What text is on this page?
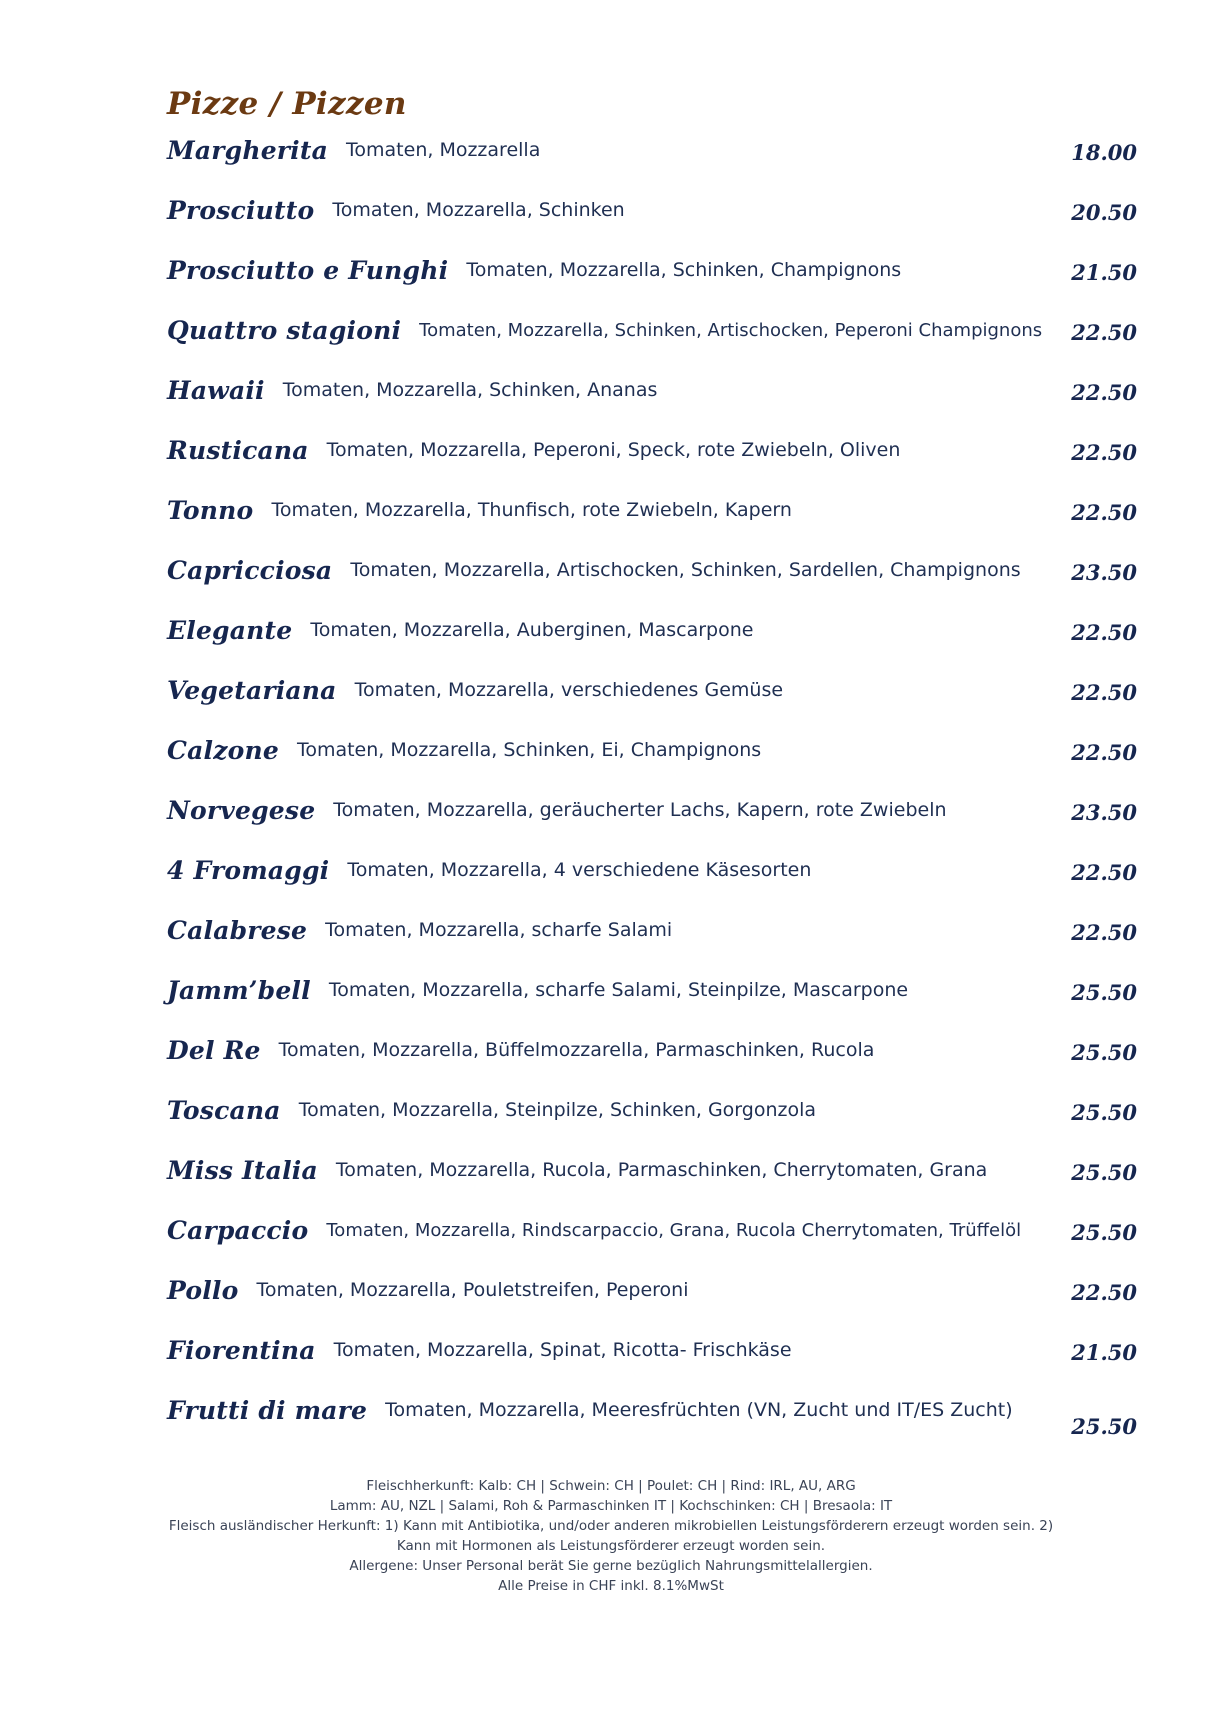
Pizze / Pizzen
Margherita Tomaten, Mozzarella	18.00
Prosciutto Tomaten, Mozzarella, Schinken	20.50
Prosciutto e Funghi Tomaten, Mozzarella, Schinken, Champignons	21.50
Quattro stagioni Tomaten, Mozzarella, Schinken, Artischocken, Peperoni Champignons 22.50
Hawaii Tomaten, Mozzarella, Schinken, Ananas	22.50
Rusticana Tomaten, Mozzarella, Peperoni, Speck, rote Zwiebeln, Oliven	22.50
Tonno Tomaten, Mozzarella, Thunfisch, rote Zwiebeln, Kapern	22.50
Capricciosa Tomaten, Mozzarella, Artischocken, Schinken, Sardellen, Champignons 23.50
Elegante Tomaten, Mozzarella, Auberginen, Mascarpone	22.50
Vegetariana Tomaten, Mozzarella, verschiedenes Gemüse	22.50
Calzone Tomaten, Mozzarella, Schinken, Ei, Champignons	22.50
Norvegese Tomaten, Mozzarella, geräucherter Lachs, Kapern, rote Zwiebeln	23.50
4 Fromaggi Tomaten, Mozzarella, 4 verschiedene Käsesorten	22.50
Calabrese Tomaten, Mozzarella, scharfe Salami	22.50
Jamm’bell Tomaten, Mozzarella, scharfe Salami, Steinpilze, Mascarpone	25.50
Del Re Tomaten, Mozzarella, Büffelmozzarella, Parmaschinken, Rucola	25.50
Toscana Tomaten, Mozzarella, Steinpilze, Schinken, Gorgonzola	25.50
Miss Italia Tomaten, Mozzarella, Rucola, Parmaschinken, Cherrytomaten, Grana	25.50
Carpaccio Tomaten, Mozzarella, Rindscarpaccio, Grana, Rucola Cherrytomaten, Trüffelöl 25.50
Pollo Tomaten, Mozzarella, Pouletstreifen, Peperoni	22.50
Fiorentina Tomaten, Mozzarella, Spinat, Ricotta- Frischkäse	21.50
Frutti di mare Tomaten, Mozzarella, Meeresfrüchten (VN, Zucht und IT/ES Zucht)
25.50
Fleischherkunft: Kalb: CH | Schwein: CH | Poulet: CH | Rind: IRL, AU, ARG
Lamm: AU, NZL | Salami, Roh & Parmaschinken IT | Kochschinken: CH | Bresaola: IT
Fleisch ausländischer Herkunft: 1) Kann mit Antibiotika, und/oder anderen mikrobiellen Leistungsförderern erzeugt worden sein. 2)
Kann mit Hormonen als Leistungsförderer erzeugt worden sein.
Allergene: Unser Personal berät Sie gerne bezüglich Nahrungsmittelallergien.
Alle Preise in CHF inkl. 8.1%MwSt
